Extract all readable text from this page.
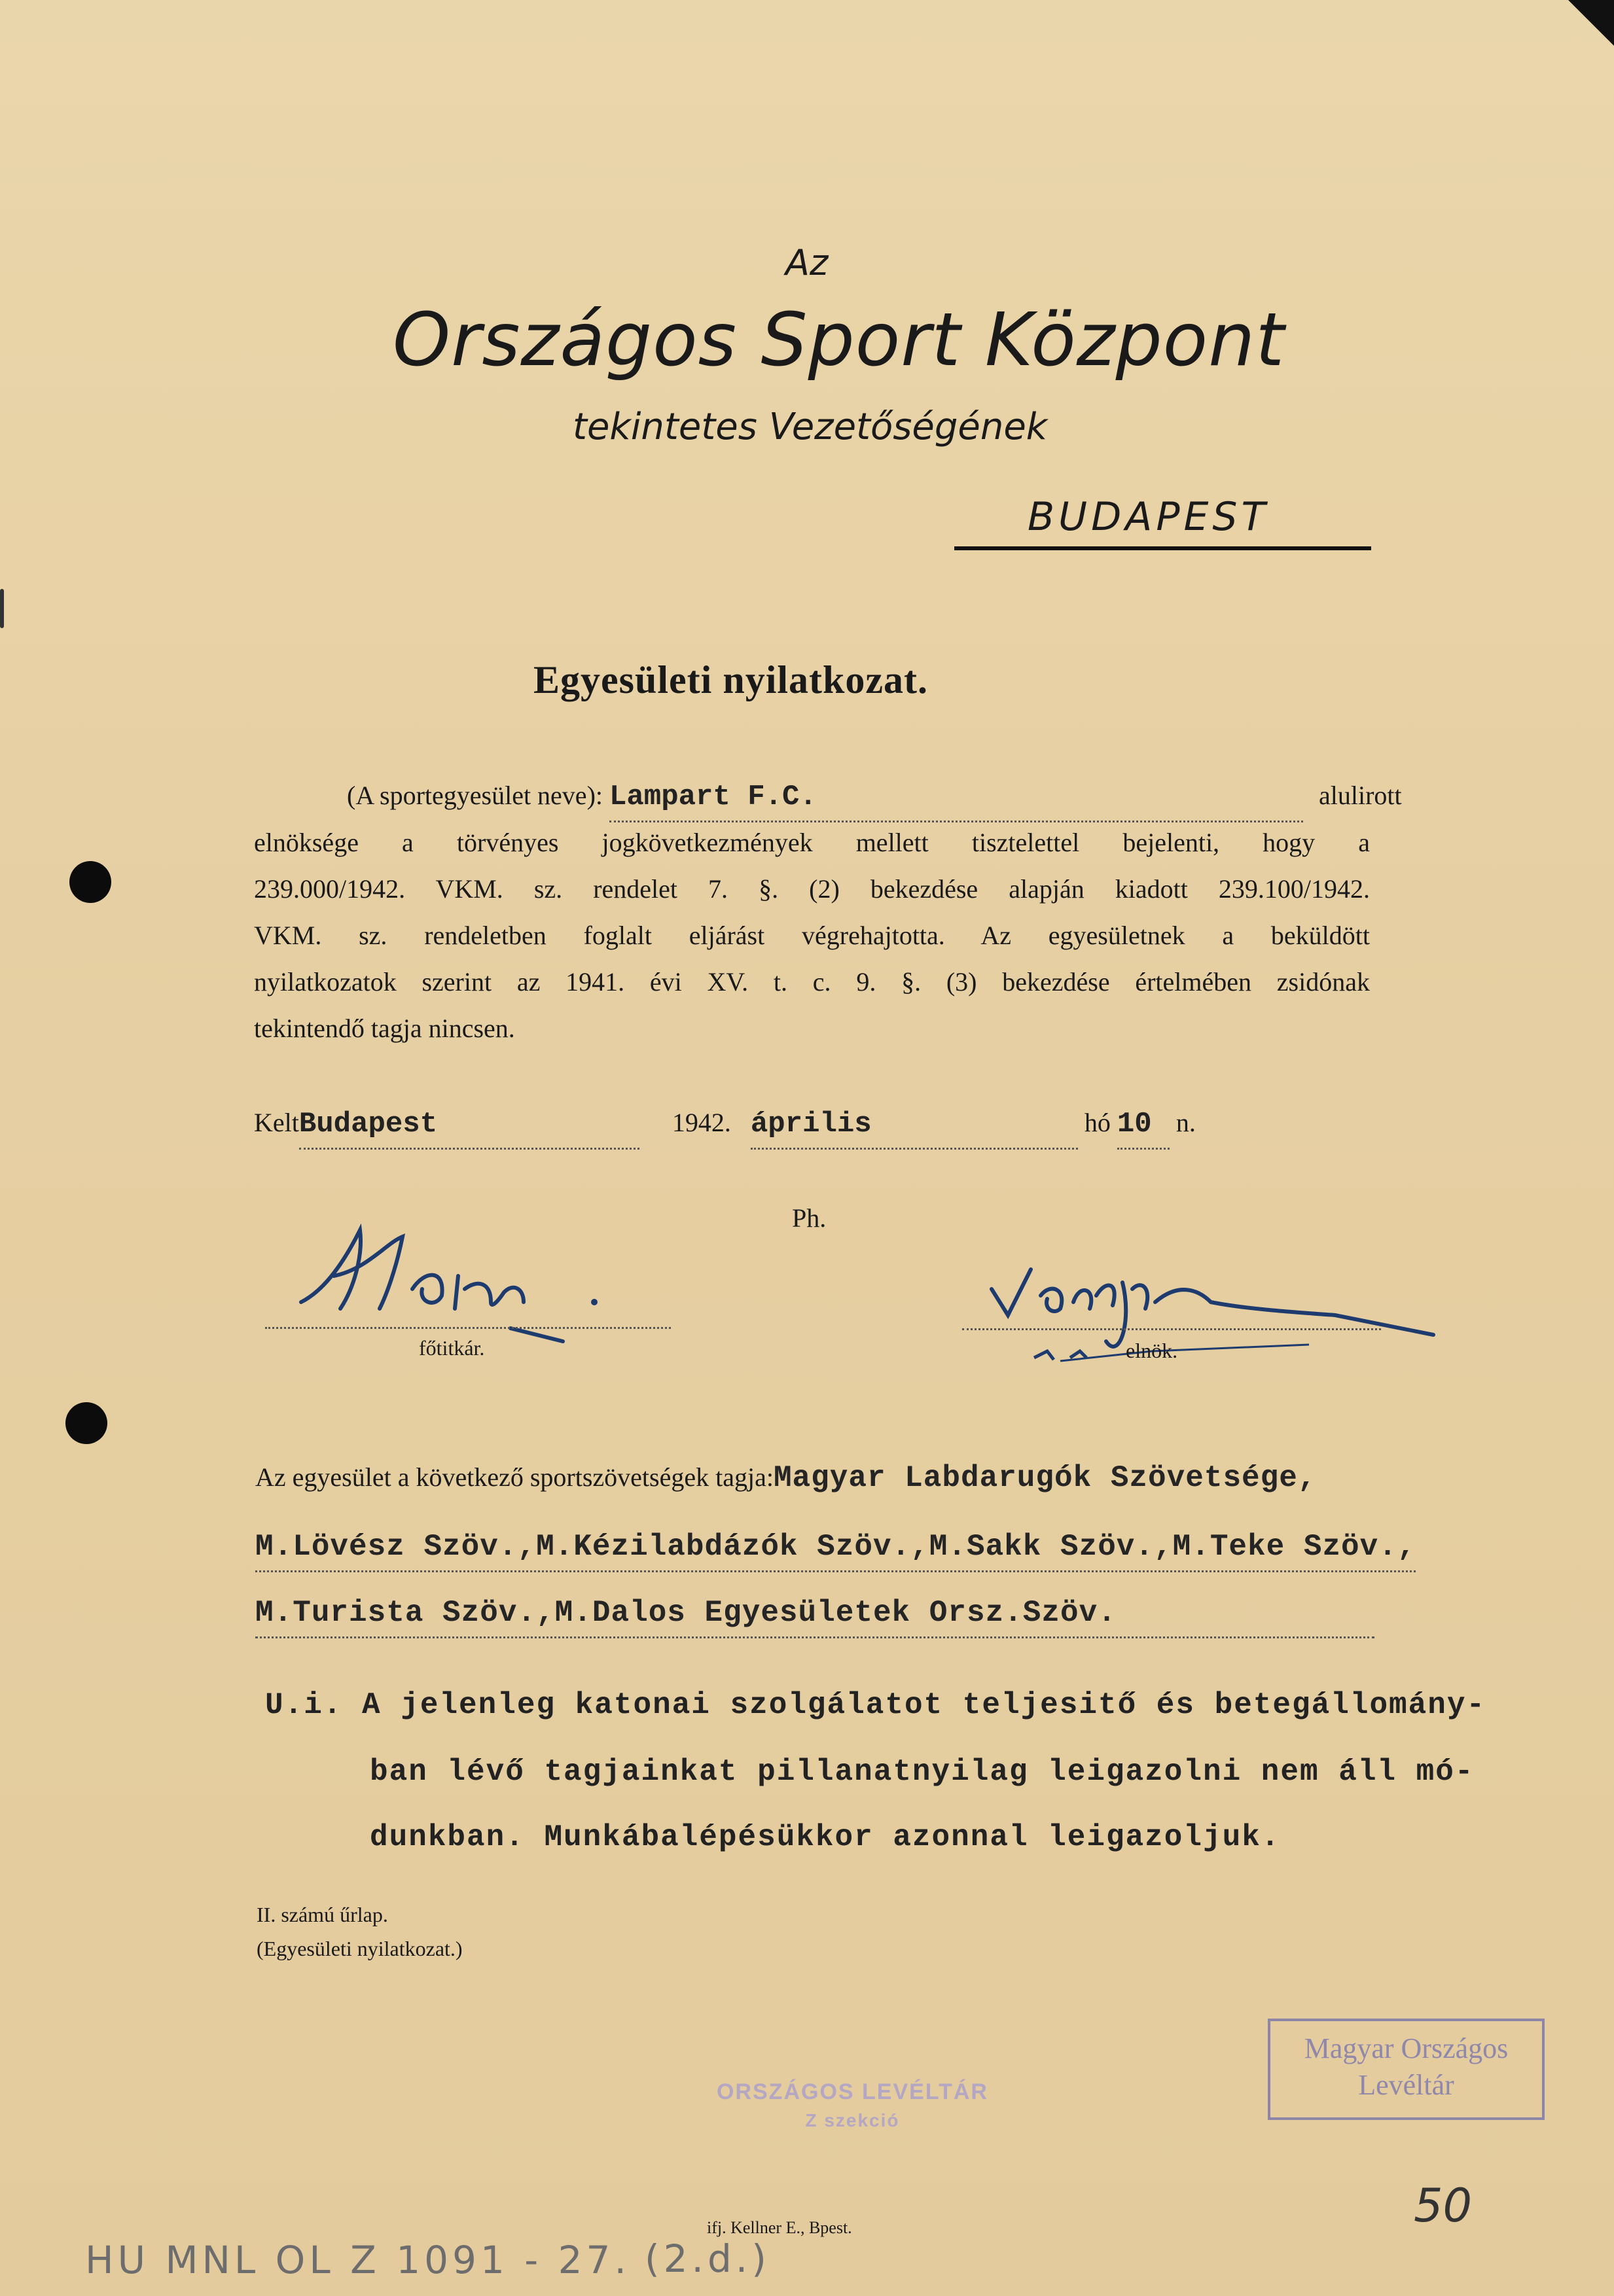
Az
Országos Sport Központ
tekintetes Vezetőségének
BUDAPEST
Egyesületi nyilatkozat.
(A sportegyesület neve): Lampart F.C.	alulirott
elnöksége a törvényes jogkövetkezmények mellett tisztelettel bejelenti, hogy a
239.000/1942. VKM. sz. rendelet 7. §. (2) bekezdése alapján kiadott 239.100/1942.
VKM. sz. rendeletben foglalt eljárást végrehajtotta. Az egyesületnek a beküldött
nyilatkozatok szerint az 1941. évi XV. t. c. 9. §. (3) bekezdése értelmében zsidónak
tekintendő tagja nincsen.
KeltBudapest	1942. április	hó 10 n.
Ph.
főtitkár.	elnök.
Az egyesület a következő sportszövetségek tagja:Magyar Labdarugók Szövetsége,
M.Lövész Szöv.,M.Kézilabdázók Szöv.,M.Sakk Szöv.,M.Teke Szöv.,
M.Turista Szöv.,M.Dalos Egyesületek Orsz.Szöv.
U.i. A jelenleg katonai szolgálatot teljesitő és betegállomány-
ban lévő tagjainkat pillanatnyilag leigazolni nem áll mó-
dunkban. Munkábalépésükkor azonnal leigazoljuk.
II. számú űrlap.
(Egyesületi nyilatkozat.)
Magyar Országos
Levéltár
ORSZÁGOS LEVÉLTÁR
Z szekció
ifj. Kellner E., Bpest.
HU MNL OL Z 1091 - 27. (2.d.)
50
